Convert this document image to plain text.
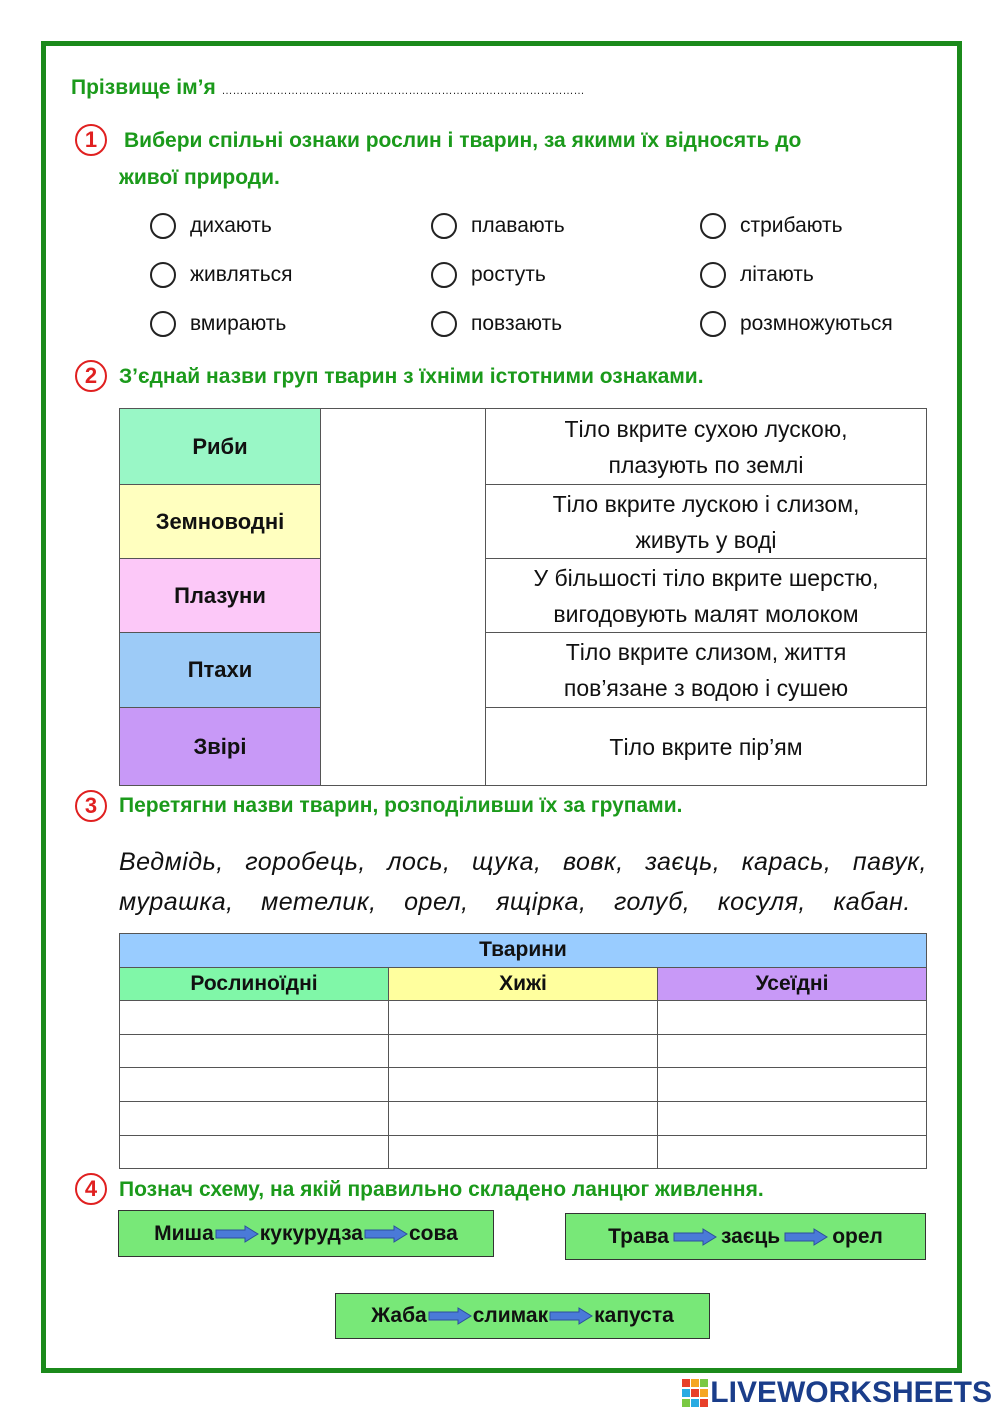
Прізвище ім’я ………………………………………………………………………………………
1	Вибери спільні ознаки рослин і тварин, за якими їх відносять до
живої природи.
дихають	плавають	стрибають
живляться	ростуть	літають
вмирають	повзають	розмножуються
2	З’єднай назви груп тварин з їхніми істотними ознаками.
Риби		Тіло вкрите сухою лускою,
плазують по землі

Земноводні		Тіло вкрите лускою і слизом,
живуть у воді

Плазуни		У більшості тіло вкрите шерстю,
вигодовують малят молоком

Птахи		Тіло вкрите слизом, життя
пов’язане з водою і сушею

Звірі		Тіло вкрите пір’ям
3	Перетягни назви тварин, розподіливши їх за групами.
Ведмідь, горобець, лось, щука, вовк, заєць, карась, павук,
мурашка, метелик, орел, ящірка, голуб, косуля, кабан.
Тварини		
Рослиноїдні	Хижі	Усеїдні

4	Познач схему, на якій правильно складено ланцюг живлення.
Миша кукурудза сова	Трава заєць орел
Жаба слимак капуста
LIVEWORKSHEETS
